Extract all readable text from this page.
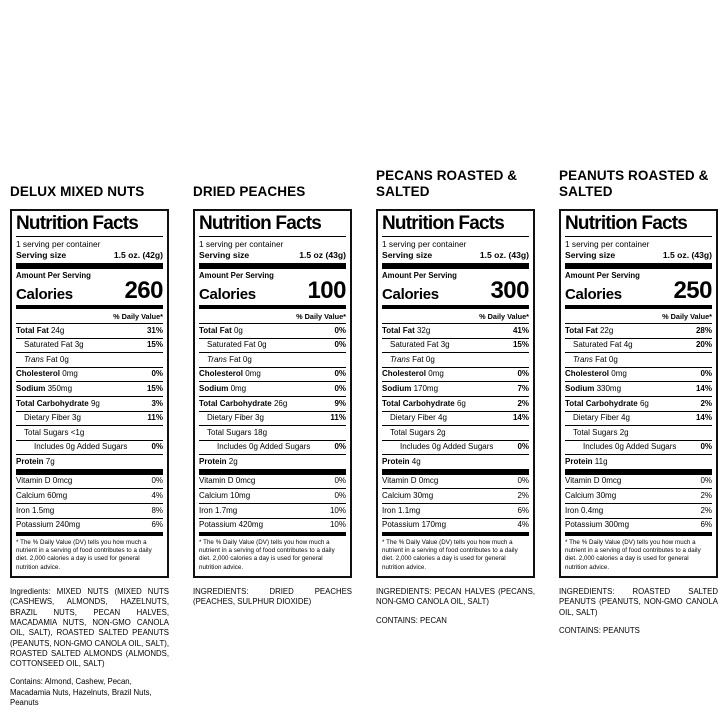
DELUX MIXED NUTS
Nutrition Facts
1 serving per container
Serving size	1.5 oz. (42g)
Amount Per Serving
Calories 260
% Daily Value*
Total Fat 24g	31%
Saturated Fat 3g	15%
Trans Fat 0g
Cholesterol 0mg	0%
Sodium 350mg	15%
Total Carbohydrate 9g	3%
Dietary Fiber 3g	11%
Total Sugars <1g
Includes 0g Added Sugars	0%
Protein 7g
Vitamin D 0mcg	0%
Calcium 60mg	4%
Iron 1.5mg	8%
Potassium 240mg	6%
* The % Daily Value (DV) tells you how much a nutrient in a serving of food contributes to a daily diet. 2,000 calories a day is used for general nutrition advice.
Ingredients: MIXED NUTS (MIXED NUTS (CASHEWS, ALMONDS, HAZELNUTS, BRAZIL NUTS, PECAN HALVES, MACADAMIA NUTS, NON-GMO CANOLA OIL, SALT), ROASTED SALTED PEANUTS (PEANUTS, NON-GMO CANOLA OIL, SALT), ROASTED SALTED ALMONDS (ALMONDS, COTTONSEED OIL, SALT)
Contains: Almond, Cashew, Pecan, Macadamia Nuts, Hazelnuts, Brazil Nuts, Peanuts
DRIED PEACHES
Nutrition Facts
1 serving per container
Serving size	1.5 oz (43g)
Amount Per Serving
Calories 100
% Daily Value*
Total Fat 0g	0%
Saturated Fat 0g	0%
Trans Fat 0g
Cholesterol 0mg	0%
Sodium 0mg	0%
Total Carbohydrate 26g	9%
Dietary Fiber 3g	11%
Total Sugars 18g
Includes 0g Added Sugars	0%
Protein 2g
Vitamin D 0mcg	0%
Calcium 10mg	0%
Iron 1.7mg	10%
Potassium 420mg	10%
* The % Daily Value (DV) tells you how much a nutrient in a serving of food contributes to a daily diet. 2,000 calories a day is used for general nutrition advice.
INGREDIENTS: DRIED PEACHES (PEACHES, SULPHUR DIOXIDE)
PECANS ROASTED & SALTED
Nutrition Facts
1 serving per container
Serving size	1.5 oz. (43g)
Amount Per Serving
Calories 300
% Daily Value*
Total Fat 32g	41%
Saturated Fat 3g	15%
Trans Fat 0g
Cholesterol 0mg	0%
Sodium 170mg	7%
Total Carbohydrate 6g	2%
Dietary Fiber 4g	14%
Total Sugars 2g
Includes 0g Added Sugars	0%
Protein 4g
Vitamin D 0mcg	0%
Calcium 30mg	2%
Iron 1.1mg	6%
Potassium 170mg	4%
* The % Daily Value (DV) tells you how much a nutrient in a serving of food contributes to a daily diet. 2,000 calories a day is used for general nutrition advice.
INGREDIENTS: PECAN HALVES (PECANS, NON-GMO CANOLA OIL, SALT)
CONTAINS: PECAN
PEANUTS ROASTED & SALTED
Nutrition Facts
1 serving per container
Serving size	1.5 oz. (43g)
Amount Per Serving
Calories 250
% Daily Value*
Total Fat 22g	28%
Saturated Fat 4g	20%
Trans Fat 0g
Cholesterol 0mg	0%
Sodium 330mg	14%
Total Carbohydrate 6g	2%
Dietary Fiber 4g	14%
Total Sugars 2g
Includes 0g Added Sugars	0%
Protein 11g
Vitamin D 0mcg	0%
Calcium 30mg	2%
Iron 0.4mg	2%
Potassium 300mg	6%
* The % Daily Value (DV) tells you how much a nutrient in a serving of food contributes to a daily diet. 2,000 calories a day is used for general nutrition advice.
INGREDIENTS: ROASTED SALTED PEANUTS (PEANUTS, NON-GMO CANOLA OIL, SALT)
CONTAINS: PEANUTS
